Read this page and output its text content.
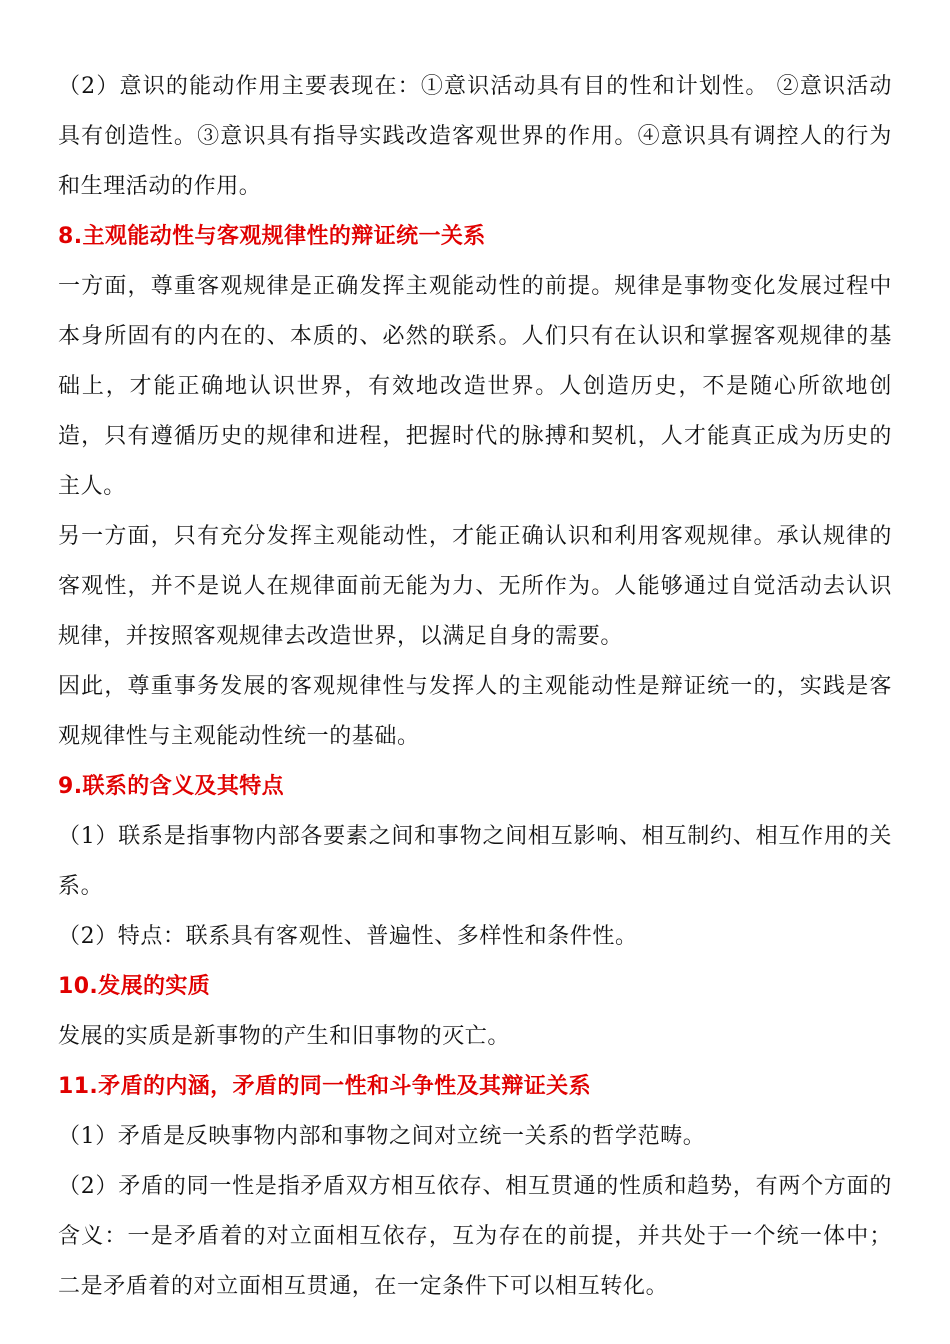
（2）意识的能动作用主要表现在：①意识活动具有目的性和计划性。 ②意识活动具有创造性。③意识具有指导实践改造客观世界的作用。④意识具有调控人的行为和生理活动的作用。

8.主观能动性与客观规律性的辩证统一关系

一方面，尊重客观规律是正确发挥主观能动性的前提。规律是事物变化发展过程中本身所固有的内在的、本质的、必然的联系。人们只有在认识和掌握客观规律的基础上，才能正确地认识世界，有效地改造世界。人创造历史，不是随心所欲地创造，只有遵循历史的规律和进程，把握时代的脉搏和契机，人才能真正成为历史的主人。

另一方面，只有充分发挥主观能动性，才能正确认识和利用客观规律。承认规律的客观性，并不是说人在规律面前无能为力、无所作为。人能够通过自觉活动去认识规律，并按照客观规律去改造世界，以满足自身的需要。

因此，尊重事务发展的客观规律性与发挥人的主观能动性是辩证统一的，实践是客观规律性与主观能动性统一的基础。

9.联系的含义及其特点

（1）联系是指事物内部各要素之间和事物之间相互影响、相互制约、相互作用的关系。

（2）特点：联系具有客观性、普遍性、多样性和条件性。

10.发展的实质

发展的实质是新事物的产生和旧事物的灭亡。

11.矛盾的内涵，矛盾的同一性和斗争性及其辩证关系

（1）矛盾是反映事物内部和事物之间对立统一关系的哲学范畴。

（2）矛盾的同一性是指矛盾双方相互依存、相互贯通的性质和趋势，有两个方面的含义：一是矛盾着的对立面相互依存，互为存在的前提，并共处于一个统一体中；二是矛盾着的对立面相互贯通，在一定条件下可以相互转化。
